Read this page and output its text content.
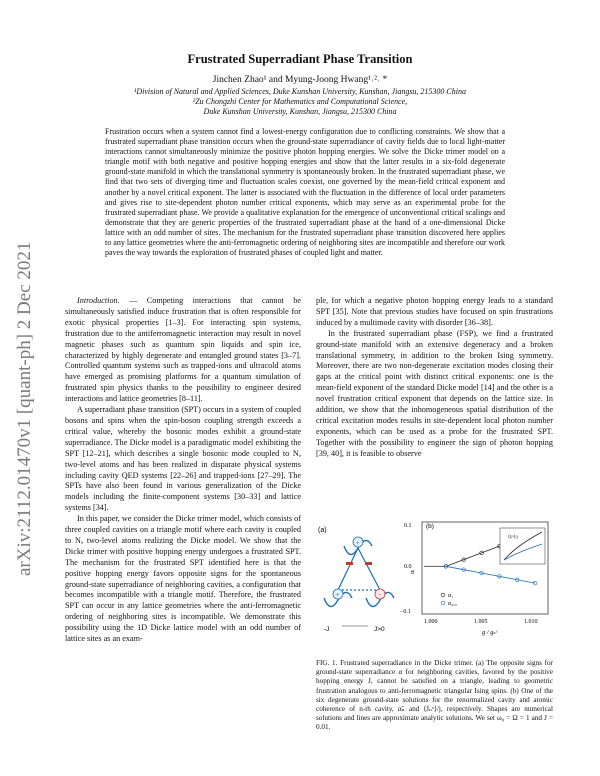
arXiv:2112.01470v1 [quant-ph] 2 Dec 2021
Frustrated Superradiant Phase Transition
Jinchen Zhao¹ and Myung-Joong Hwang¹˒²˒ *
¹Division of Natural and Applied Sciences, Duke Kunshan University, Kunshan, Jiangsu, 215300 China
²Zu Chongzhi Center for Mathematics and Computational Science,
Duke Kunshan University, Kunshan, Jiangsu, 215300 China
Frustration occurs when a system cannot find a lowest-energy configuration due to conflicting constraints. We show that a frustrated superradiant phase transition occurs when the ground-state superradiance of cavity fields due to local light-matter interactions cannot simultaneously minimize the positive photon hopping energies. We solve the Dicke trimer model on a triangle motif with both negative and positive hopping energies and show that the latter results in a six-fold degenerate ground-state manifold in which the translational symmetry is spontaneously broken. In the frustrated superradiant phase, we find that two sets of diverging time and fluctuation scales coexist, one governed by the mean-field critical exponent and another by a novel critical exponent. The latter is associated with the fluctuation in the difference of local order parameters and gives rise to site-dependent photon number critical exponents, which may serve as an experimental probe for the frustrated superradiant phase. We provide a qualitative explanation for the emergence of unconventional critical scalings and demonstrate that they are generic properties of the frustrated superradiant phase at the hand of a one-dimensional Dicke lattice with an odd number of sites. The mechanism for the frustrated superradiant phase transition discovered here applies to any lattice geometries where the anti-ferromagnetic ordering of neighboring sites are incompatible and therefore our work paves the way towards the exploration of frustrated phases of coupled light and matter.

Introduction. — Competing interactions that cannot be simultaneously satisfied induce frustration that is often responsible for exotic physical properties [1–3]. For interacting spin systems, frustration due to the antiferromagnetic interaction may result in novel magnetic phases such as quantum spin liquids and spin ice, characterized by highly degenerate and entangled ground states [3–7]. Controlled quantum systems such as trapped-ions and ultracold atoms have emerged as promising platforms for a quantum simulation of frustrated spin physics thanks to the possibility to engineer desired interactions and lattice geometries [8–11].

A superradiant phase transition (SPT) occurs in a system of coupled bosons and spins when the spin-boson coupling strength exceeds a critical value, whereby the bosonic modes exhibit a ground-state superradiance. The Dicke model is a paradigmatic model exhibiting the SPT [12–21], which describes a single bosonic mode coupled to Nₐ two-level atoms and has been realized in disparate physical systems including cavity QED systems [22–26] and trapped-ions [27–29]. The SPTs have also been found in various generalization of the Dicke models including the finite-component systems [30–33] and lattice systems [34].

In this paper, we consider the Dicke trimer model, which consists of three coupled cavities on a triangle motif where each cavity is coupled to Nₐ two-level atoms realizing the Dicke model. We show that the Dicke trimer with positive hopping energy undergoes a frustrated SPT. The mechanism for the frustrated SPT identified here is that the positive hopping energy favors opposite signs for the spontaneous ground-state superradiance of neighboring cavities, a configuration that becomes incompatible with a triangle motif. Therefore, the frustrated SPT can occur in any lattice geometries where the anti-ferromagnetic ordering of neighboring sites is incompatible. We demonstrate this possibility using the 1D Dicke lattice model with an odd number of lattice sites as an exam-

ple, for which a negative photon hopping energy leads to a standard SPT [35]. Note that previous studies have focused on spin frustrations induced by a multimode cavity with disorder [36–38].

In the frustrated superradiant phase (FSP), we find a frustrated ground-state manifold with an extensive degeneracy and a broken translational symmetry, in addition to the broken Ising symmetry. Moreover, there are two non-degenerate excitation modes closing their gaps at the critical point with distinct critical exponents: one is the mean-field exponent of the standard Dicke model [14] and the other is a novel frustration critical exponent that depends on the lattice size. In addition, we show that the inhomogeneous spatial distribution of the critical excitation modes results in site-dependent local photon number exponents, which can be used as a probe for the frustrated SPT. Together with the possibility to engineer the sign of photon hopping [39, 40], it is feasible to observe

(a)
+
+	−
-J	J>0
(b)
0.1
0.0
−0.1
αᵢ
1.000	1.005	1.010
g / gₛᶜ
α₁
α₂,₃
⟨Jᵢˣ⟩/j
FIG. 1. Frustrated superradiance in the Dicke trimer. (a) The opposite signs for ground-state superradiance α for neighboring cavities, favored by the positive hopping energy J, cannot be satisfied on a triangle, leading to geometric frustration analogous to anti-ferromagnetic triangular Ising spins. (b) One of the six degenerate ground-state solutions for the renormalized cavity and atomic coherence of n-th cavity, α̃ₙ and ⟨Jₙˣ⟩/j, respectively. Shapes are numerical solutions and lines are approximate analytic solutions. We set ω₀ = Ω = 1 and J = 0.01.
